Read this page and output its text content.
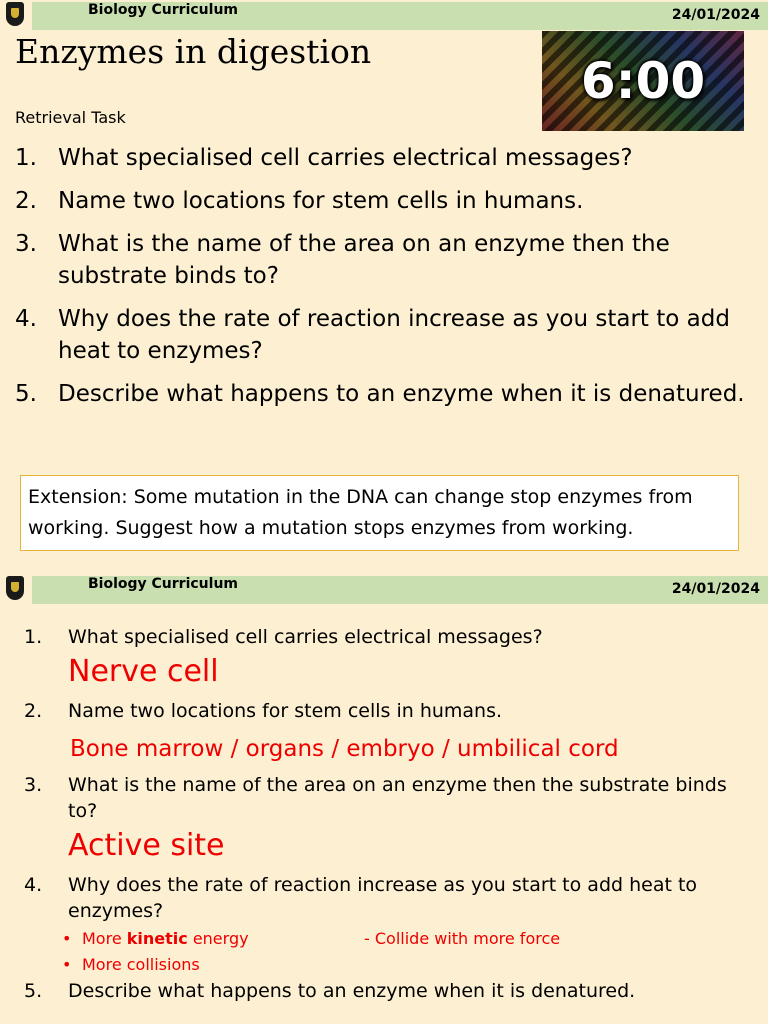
Biology Curriculum	24/01/2024
Enzymes in digestion
Retrieval Task
6:00
1. What specialised cell carries electrical messages?
2. Name two locations for stem cells in humans.
3. What is the name of the area on an enzyme then the substrate binds to?
4. Why does the rate of reaction increase as you start to add heat to enzymes?
5. Describe what happens to an enzyme when it is denatured.
Extension: Some mutation in the DNA can change stop enzymes from working. Suggest how a mutation stops enzymes from working.
Biology Curriculum	24/01/2024
1. What specialised cell carries electrical messages?
Nerve cell
2. Name two locations for stem cells in humans.
Bone marrow / organs / embryo / umbilical cord
3. What is the name of the area on an enzyme then the substrate binds to?
Active site
4. Why does the rate of reaction increase as you start to add heat to enzymes?
• More kinetic energy	- Collide with more force
• More collisions
5. Describe what happens to an enzyme when it is denatured.
